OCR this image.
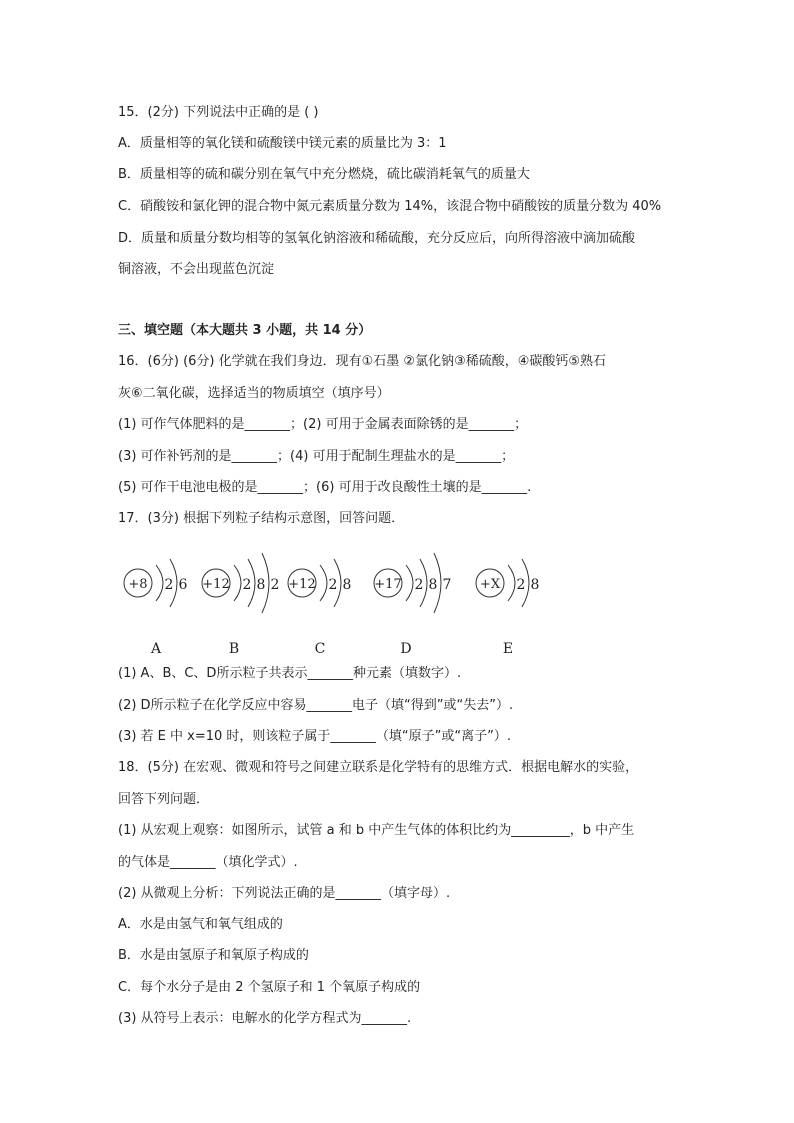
15．(2分) 下列说法中正确的是 ( )
A．质量相等的氧化镁和硫酸镁中镁元素的质量比为 3：1
B．质量相等的硫和碳分别在氧气中充分燃烧，硫比碳消耗氧气的质量大
C．硝酸铵和氯化钾的混合物中氮元素质量分数为 14%，该混合物中硝酸铵的质量分数为 40%
D．质量和质量分数均相等的氢氧化钠溶液和稀硫酸，充分反应后，向所得溶液中滴加硫酸
铜溶液，不会出现蓝色沉淀
三、填空题（本大题共 3 小题，共 14 分）
16．(6分) (6分) 化学就在我们身边．现有①石墨 ②氯化钠③稀硫酸，④碳酸钙⑤熟石
灰⑥二氧化碳，选择适当的物质填空（填序号）
(1) 可作气体肥料的是_______；(2) 可用于金属表面除锈的是_______；
(3) 可作补钙剂的是_______；(4) 可用于配制生理盐水的是_______；
(5) 可作干电池电极的是_______；(6) 可用于改良酸性土壤的是_______.
17．(3分) 根据下列粒子结构示意图，回答问题．
+8 2 6
A
+12 2 8 2
B
+12 2 8
C
+17 2 8 7
D
+X 2 8
E
(1) A、B、C、D所示粒子共表示_______种元素（填数字）.
(2) D所示粒子在化学反应中容易_______电子（填“得到”或“失去”）.
(3) 若 E 中 x=10 时，则该粒子属于_______（填“原子”或“离子”）.
18．(5分) 在宏观、微观和符号之间建立联系是化学特有的思维方式．根据电解水的实验，
回答下列问题．
(1) 从宏观上观察：如图所示，试管 a 和 b 中产生气体的体积比约为_________，b 中产生
的气体是_______（填化学式）.
(2) 从微观上分析：下列说法正确的是_______（填字母）.
A．水是由氢气和氧气组成的
B．水是由氢原子和氧原子构成的
C．每个水分子是由 2 个氢原子和 1 个氧原子构成的
(3) 从符号上表示：电解水的化学方程式为_______.
